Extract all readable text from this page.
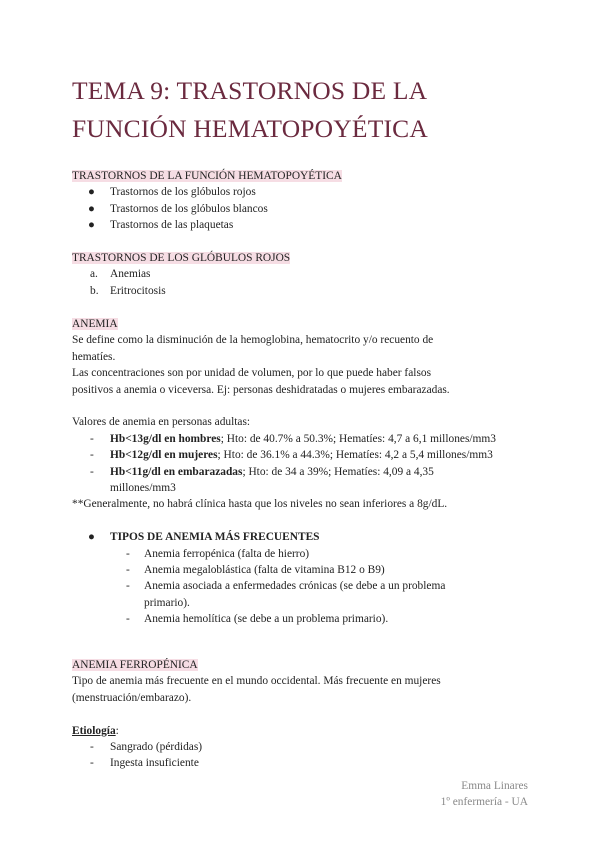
TEMA 9: TRASTORNOS DE LA
FUNCIÓN HEMATOPOYÉTICA
TRASTORNOS DE LA FUNCIÓN HEMATOPOYÉTICA
● Trastornos de los glóbulos rojos
● Trastornos de los glóbulos blancos
● Trastornos de las plaquetas
TRASTORNOS DE LOS GLÓBULOS ROJOS
a. Anemias
b. Eritrocitosis
ANEMIA
Se define como la disminución de la hemoglobina, hematocrito y/o recuento de
hematíes.
Las concentraciones son por unidad de volumen, por lo que puede haber falsos
positivos a anemia o viceversa. Ej: personas deshidratadas o mujeres embarazadas.
Valores de anemia en personas adultas:
- Hb<13g/dl en hombres; Hto: de 40.7% a 50.3%; Hematíes: 4,7 a 6,1 millones/mm3
- Hb<12g/dl en mujeres; Hto: de 36.1% a 44.3%; Hematíes: 4,2 a 5,4 millones/mm3
- Hb<11g/dl en embarazadas; Hto: de 34 a 39%; Hematíes: 4,09 a 4,35
millones/mm3
**Generalmente, no habrá clínica hasta que los niveles no sean inferiores a 8g/dL.
● TIPOS DE ANEMIA MÁS FRECUENTES
- Anemia ferropénica (falta de hierro)
- Anemia megaloblástica (falta de vitamina B12 o B9)
- Anemia asociada a enfermedades crónicas (se debe a un problema
primario).
- Anemia hemolítica (se debe a un problema primario).
ANEMIA FERROPÉNICA
Tipo de anemia más frecuente en el mundo occidental. Más frecuente en mujeres
(menstruación/embarazo).
Etiología:
- Sangrado (pérdidas)
- Ingesta insuficiente
Emma Linares
1º enfermería - UA
